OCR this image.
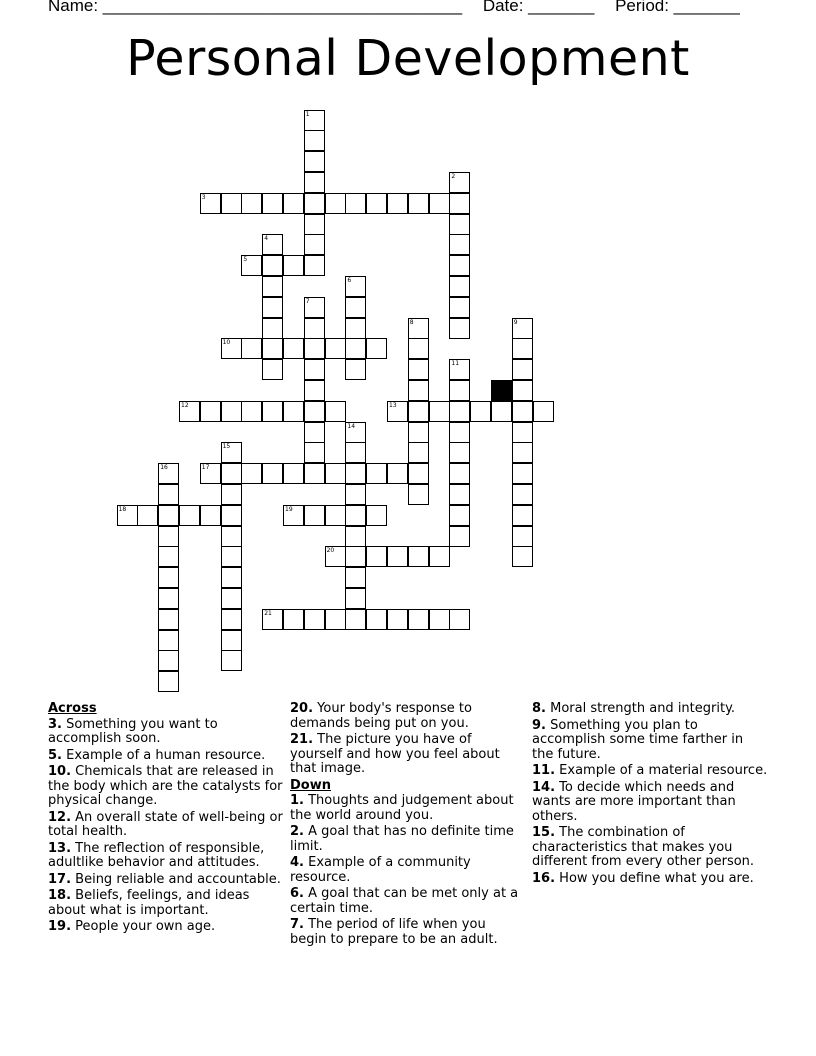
Name: ______________________________________ Date: _______ Period: _______
Personal Development
1
2
3
4
5
6
7
8	9
10
11
12	13
14
15
16	17
18	19
20
21
Across
3. Something you want to accomplish soon.
5. Example of a human resource.
10. Chemicals that are released in the body which are the catalysts for physical change.
12. An overall state of well-being or total health.
13. The reflection of responsible, adultlike behavior and attitudes.
17. Being reliable and accountable.
18. Beliefs, feelings, and ideas about what is important.
19. People your own age.
20. Your body's response to demands being put on you.
21. The picture you have of yourself and how you feel about that image.
Down
1. Thoughts and judgement about the world around you.
2. A goal that has no definite time limit.
4. Example of a community resource.
6. A goal that can be met only at a certain time.
7. The period of life when you begin to prepare to be an adult.
8. Moral strength and integrity.
9. Something you plan to accomplish some time farther in the future.
11. Example of a material resource.
14. To decide which needs and wants are more important than others.
15. The combination of characteristics that makes you different from every other person.
16. How you define what you are.
